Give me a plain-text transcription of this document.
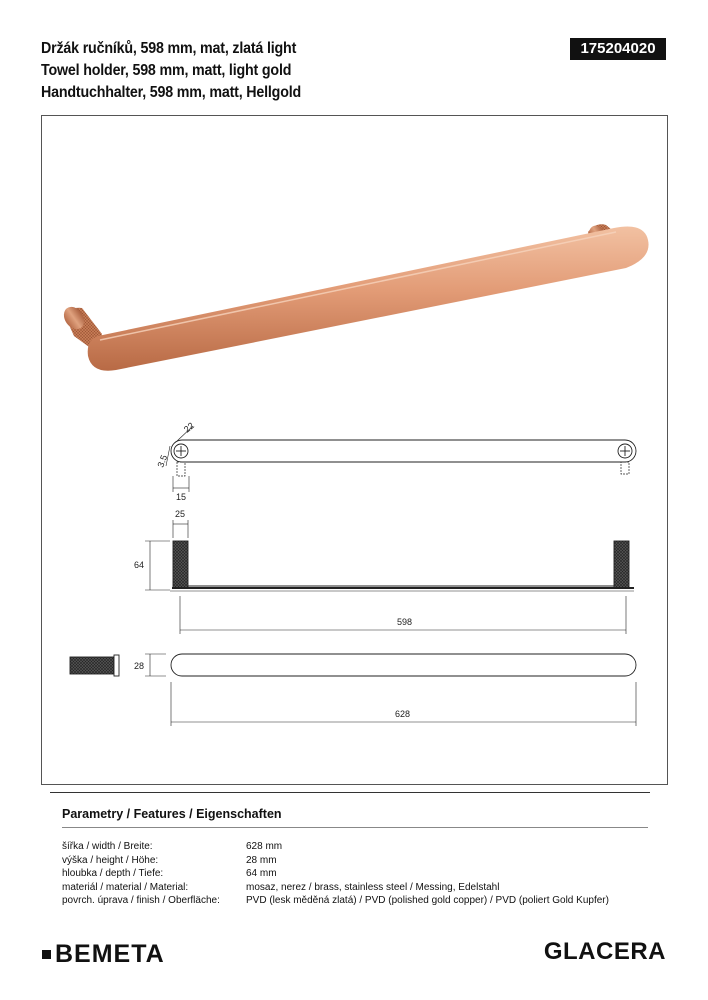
Držák ručníků, 598 mm, mat, zlatá light
Towel holder, 598 mm, matt, light gold
Handtuchhalter, 598 mm, matt, Hellgold
175204020
22
3.5
15
25
64
598
28
628
Parametry / Features / Eigenschaften
šířka / width / Breite:	628 mm
výška / height / Höhe:	28 mm
hloubka / depth / Tiefe:	64 mm
materiál / material / Material:	mosaz, nerez / brass, stainless steel / Messing, Edelstahl
povrch. úprava / finish / Oberfläche:	PVD (lesk měděná zlatá) / PVD (polished gold copper) / PVD (poliert Gold Kupfer)
BEMETA	GLACERA
